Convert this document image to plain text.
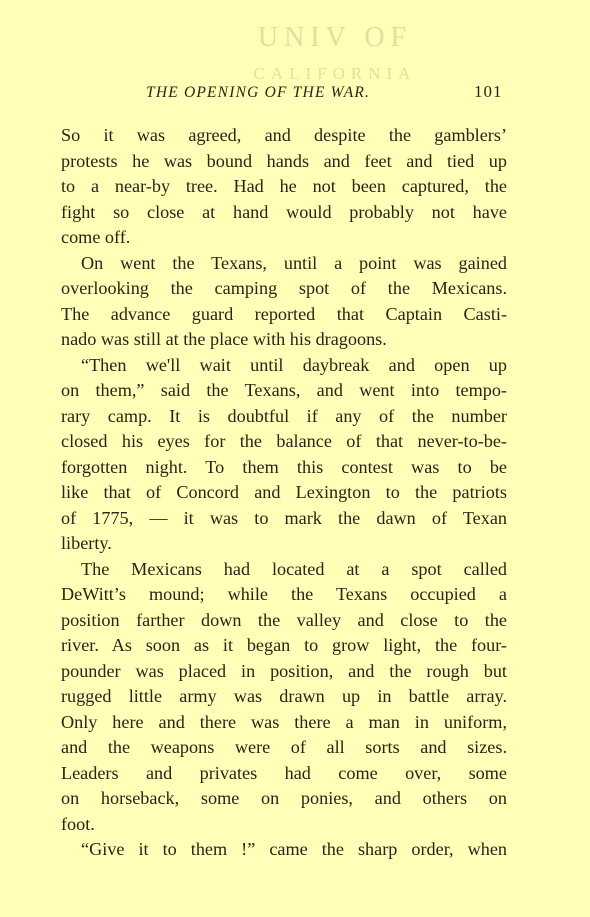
UNIV OF
CALIFORNIA
THE OPENING OF THE WAR.	101
So it was agreed, and despite the gamblers’
protests he was bound hands and feet and tied up
to a near-by tree. Had he not been captured, the
fight so close at hand would probably not have
come off.
On went the Texans, until a point was gained
overlooking the camping spot of the Mexicans.
The advance guard reported that Captain Casti-
nado was still at the place with his dragoons.
“Then we'll wait until daybreak and open up
on them,” said the Texans, and went into tempo-
rary camp. It is doubtful if any of the number
closed his eyes for the balance of that never-to-be-
forgotten night. To them this contest was to be
like that of Concord and Lexington to the patriots
of 1775, — it was to mark the dawn of Texan
liberty.
The Mexicans had located at a spot called
DeWitt’s mound; while the Texans occupied a
position farther down the valley and close to the
river. As soon as it began to grow light, the four-
pounder was placed in position, and the rough but
rugged little army was drawn up in battle array.
Only here and there was there a man in uniform,
and the weapons were of all sorts and sizes.
Leaders and privates had come over, some
on horseback, some on ponies, and others on
foot.
“Give it to them !” came the sharp order, when
